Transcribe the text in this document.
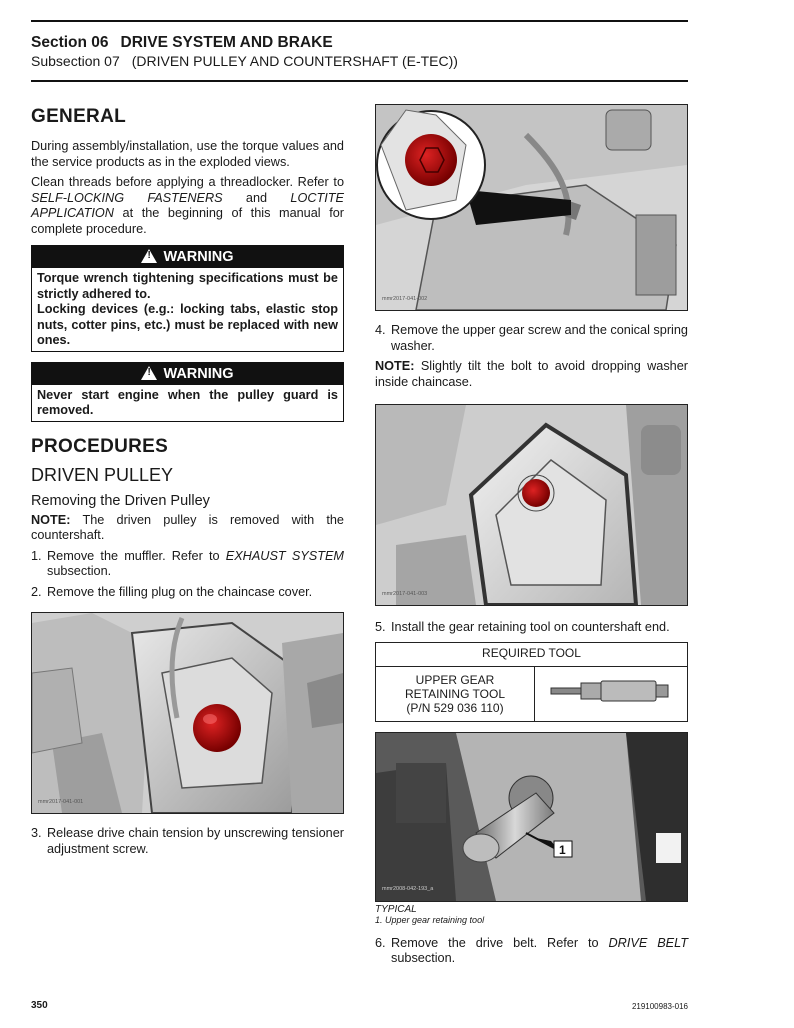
Section 06 DRIVE SYSTEM AND BRAKE
Subsection 07 (DRIVEN PULLEY AND COUNTERSHAFT (E-TEC))
GENERAL

During assembly/installation, use the torque values and the service products as in the exploded views.

Clean threads before applying a threadlocker. Refer to SELF-LOCKING FASTENERS and LOCTITE APPLICATION at the beginning of this manual for complete procedure.

!WARNING
Torque wrench tightening specifications must be strictly adhered to.
Locking devices (e.g.: locking tabs, elastic stop nuts, cotter pins, etc.) must be replaced with new ones.
!WARNING
Never start engine when the pulley guard is removed.
PROCEDURES
DRIVEN PULLEY
Removing the Driven Pulley

NOTE: The driven pulley is removed with the countershaft.

1. Remove the muffler. Refer to EXHAUST SYSTEM subsection.
2. Remove the filling plug on the chaincase cover.
mmr2017-041-001
3. Release drive chain tension by unscrewing tensioner adjustment screw.
mmr2017-041-002
4. Remove the upper gear screw and the conical spring washer.

NOTE: Slightly tilt the bolt to avoid dropping washer inside chaincase.

mmr2017-041-003
5. Install the gear retaining tool on countershaft end.
REQUIRED TOOL

UPPER GEAR
RETAINING TOOL
(P/N 529 036 110)

1
mmr2008-042-193_a
TYPICAL
1. Upper gear retaining tool
6. Remove the drive belt. Refer to DRIVE BELT subsection.
350	219100983-016
